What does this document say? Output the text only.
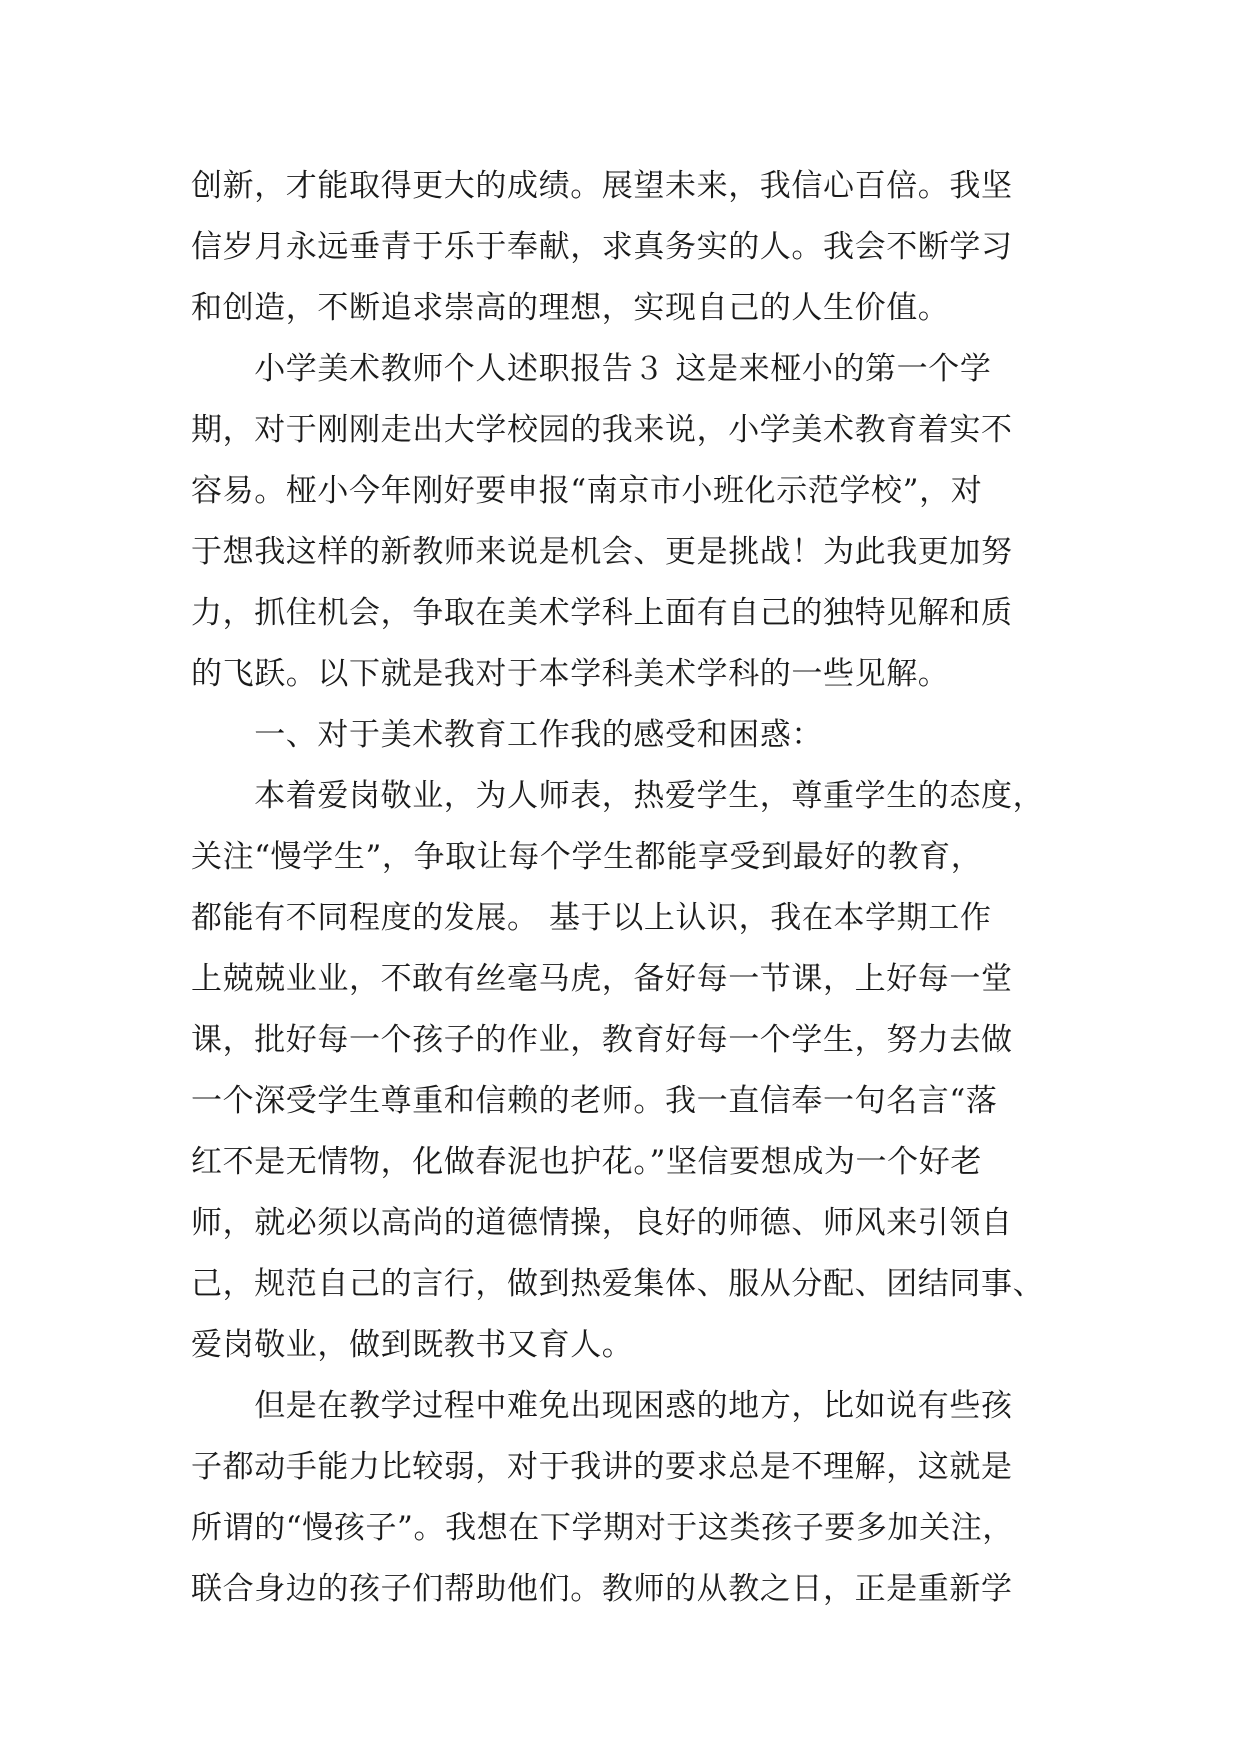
创新，才能取得更大的成绩。展望未来，我信心百倍。我坚
信岁月永远垂青于乐于奉献，求真务实的人。我会不断学习
和创造，不断追求崇高的理想，实现自己的人生价值。
　　小学美术教师个人述职报告３ 这是来桠小的第一个学
期，对于刚刚走出大学校园的我来说，小学美术教育着实不
容易。桠小今年刚好要申报“南京市小班化示范学校”，对
于想我这样的新教师来说是机会、更是挑战！为此我更加努
力，抓住机会，争取在美术学科上面有自己的独特见解和质
的飞跃。以下就是我对于本学科美术学科的一些见解。
　　一、对于美术教育工作我的感受和困惑：
　　本着爱岗敬业，为人师表，热爱学生，尊重学生的态度，
关注“慢学生”，争取让每个学生都能享受到最好的教育，
都能有不同程度的发展。 基于以上认识，我在本学期工作
上兢兢业业，不敢有丝毫马虎，备好每一节课，上好每一堂
课，批好每一个孩子的作业，教育好每一个学生，努力去做
一个深受学生尊重和信赖的老师。我一直信奉一句名言“落
红不是无情物，化做春泥也护花。”坚信要想成为一个好老
师，就必须以高尚的道德情操，良好的师德、师风来引领自
己，规范自己的言行，做到热爱集体、服从分配、团结同事、
爱岗敬业，做到既教书又育人。
　　但是在教学过程中难免出现困惑的地方，比如说有些孩
子都动手能力比较弱，对于我讲的要求总是不理解，这就是
所谓的“慢孩子”。我想在下学期对于这类孩子要多加关注，
联合身边的孩子们帮助他们。教师的从教之日，正是重新学
